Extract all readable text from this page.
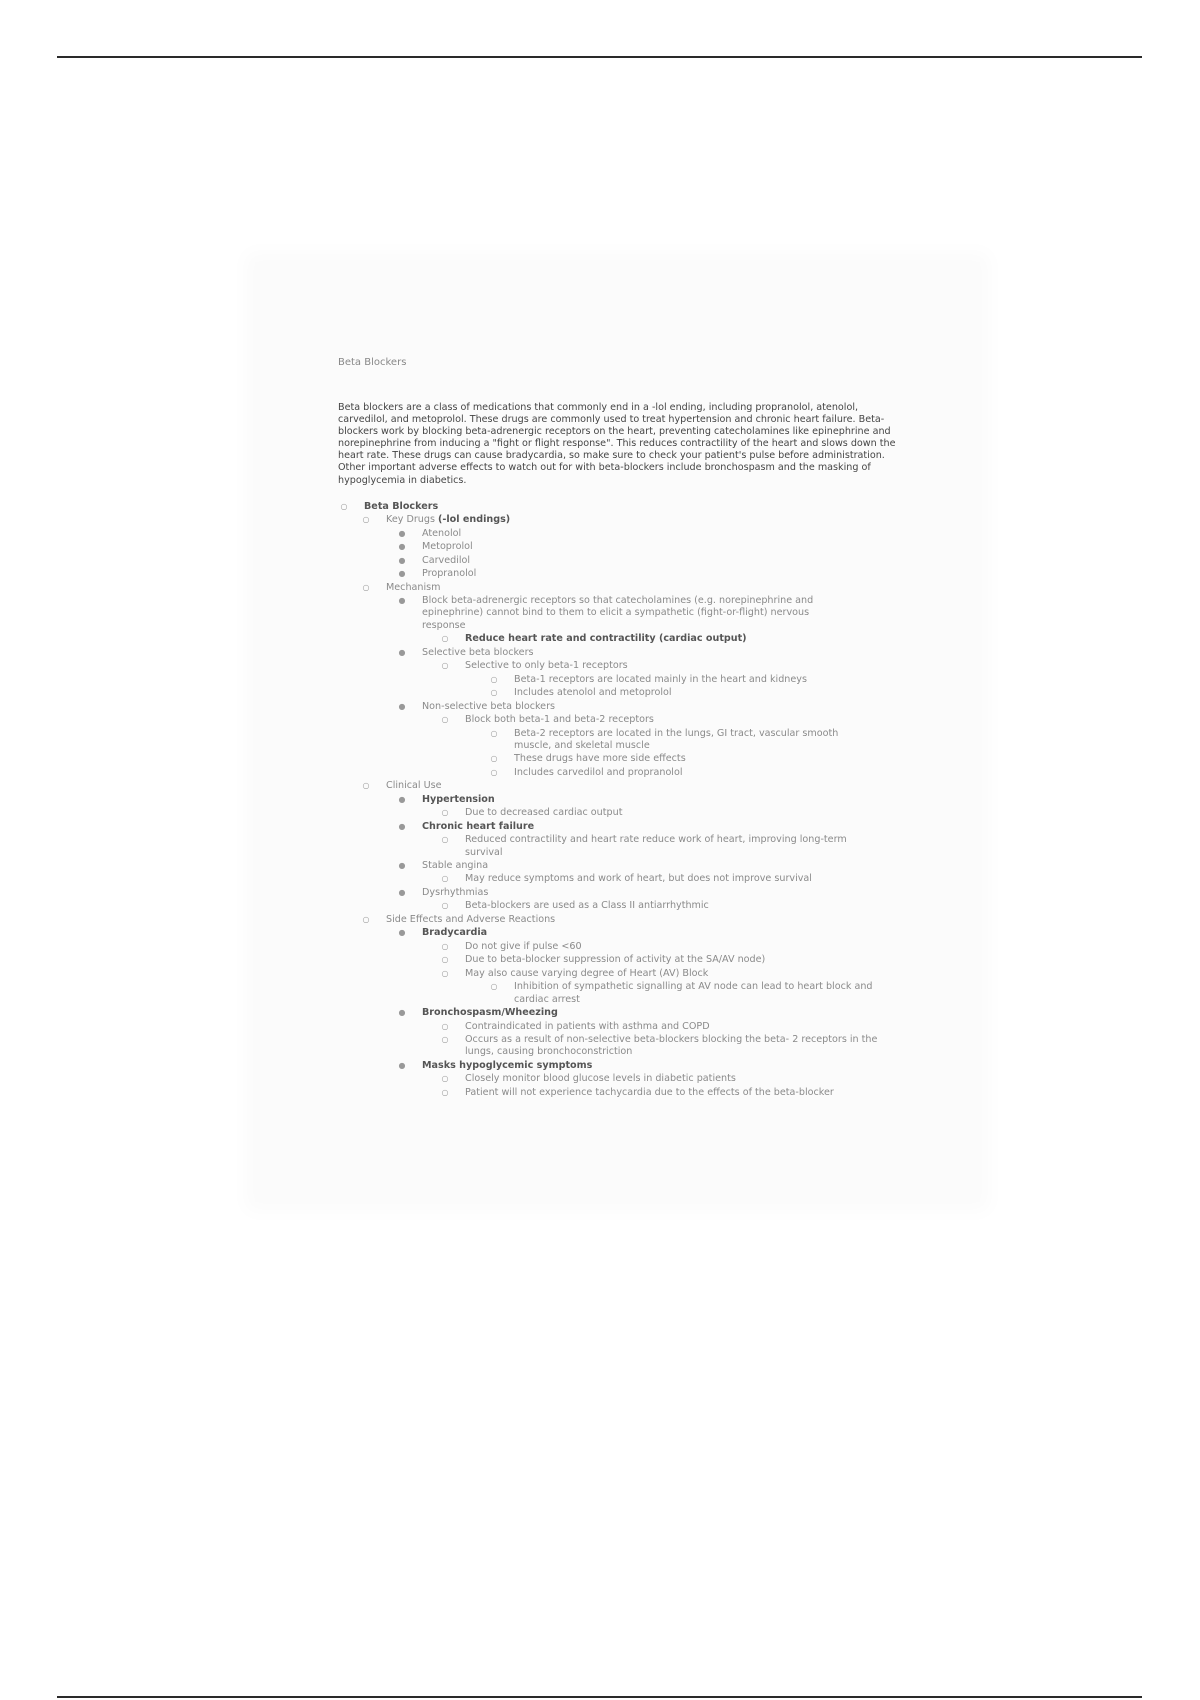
Beta Blockers
Beta blockers are a class of medications that commonly end in a -lol ending, including propranolol, atenolol, carvedilol, and metoprolol. These drugs are commonly used to treat hypertension and chronic heart failure. Beta-blockers work by blocking beta-adrenergic receptors on the heart, preventing catecholamines like epinephrine and norepinephrine from inducing a "fight or flight response". This reduces contractility of the heart and slows down the heart rate. These drugs can cause bradycardia, so make sure to check your patient's pulse before administration. Other important adverse effects to watch out for with beta-blockers include bronchospasm and the masking of hypoglycemia in diabetics.
○ Beta Blockers
○ Key Drugs (-lol endings)
● Atenolol
● Metoprolol
● Carvedilol
● Propranolol
○ Mechanism
● Block beta-adrenergic receptors so that catecholamines (e.g. norepinephrine and epinephrine) cannot bind to them to elicit a sympathetic (fight-or-flight) nervous response
○ Reduce heart rate and contractility (cardiac output)
● Selective beta blockers
○ Selective to only beta-1 receptors
○ Beta-1 receptors are located mainly in the heart and kidneys
○ Includes atenolol and metoprolol
● Non-selective beta blockers
○ Block both beta-1 and beta-2 receptors
○ Beta-2 receptors are located in the lungs, GI tract, vascular smooth muscle, and skeletal muscle
○ These drugs have more side effects
○ Includes carvedilol and propranolol
○ Clinical Use
● Hypertension
○ Due to decreased cardiac output
● Chronic heart failure
○ Reduced contractility and heart rate reduce work of heart, improving long-term survival
● Stable angina
○ May reduce symptoms and work of heart, but does not improve survival
● Dysrhythmias
○ Beta-blockers are used as a Class II antiarrhythmic
○ Side Effects and Adverse Reactions
● Bradycardia
○ Do not give if pulse <60
○ Due to beta-blocker suppression of activity at the SA/AV node)
○ May also cause varying degree of Heart (AV) Block
○ Inhibition of sympathetic signalling at AV node can lead to heart block and cardiac arrest
● Bronchospasm/Wheezing
○ Contraindicated in patients with asthma and COPD
○ Occurs as a result of non-selective beta-blockers blocking the beta- 2 receptors in the lungs, causing bronchoconstriction
● Masks hypoglycemic symptoms
○ Closely monitor blood glucose levels in diabetic patients
○ Patient will not experience tachycardia due to the effects of the beta-blocker
